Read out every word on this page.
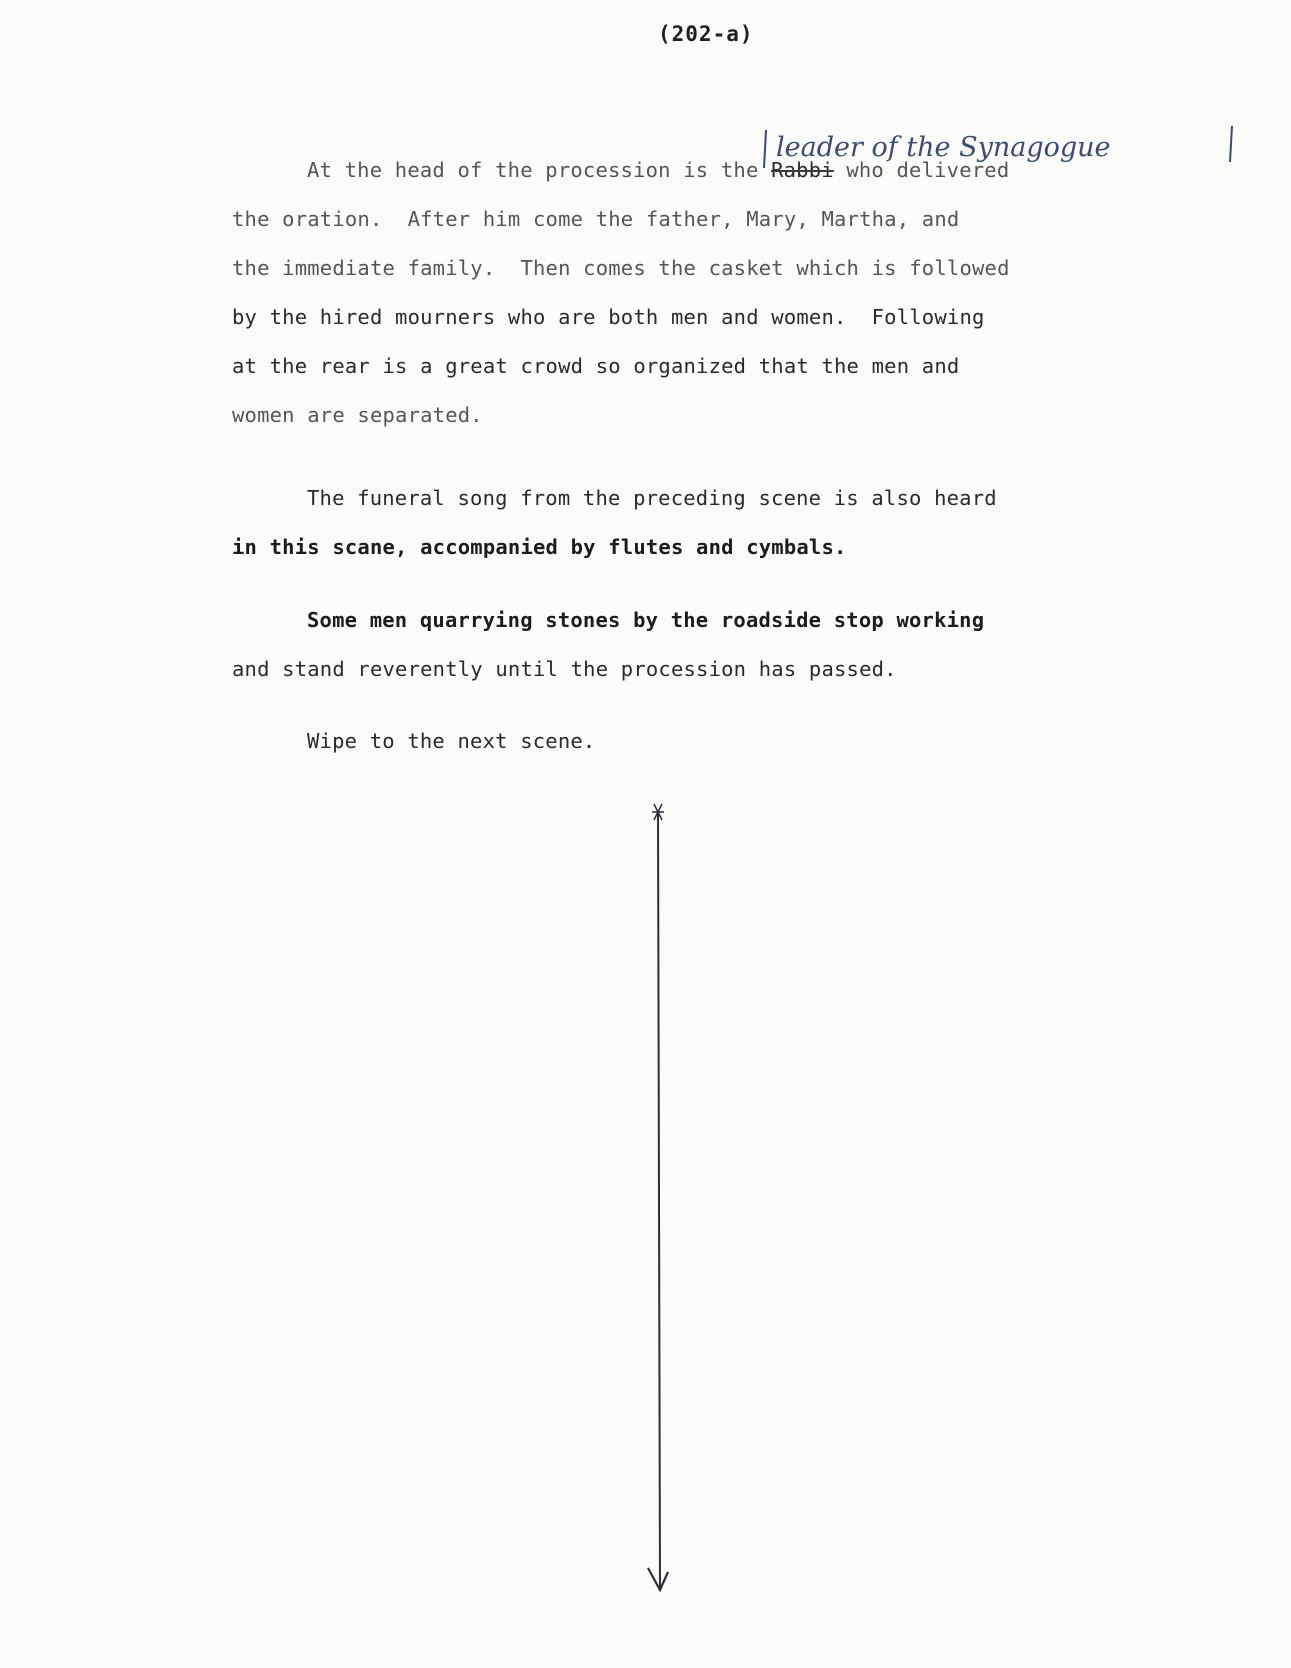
(202-a)
leader of the Synagogue
At the head of the procession is the Rabbi who delivered
the oration.  After him come the father, Mary, Martha, and
the immediate family.  Then comes the casket which is followed
by the hired mourners who are both men and women.  Following
at the rear is a great crowd so organized that the men and
women are separated.
The funeral song from the preceding scene is also heard
in this scane, accompanied by flutes and cymbals.
Some men quarrying stones by the roadside stop working
and stand reverently until the procession has passed.
Wipe to the next scene.
